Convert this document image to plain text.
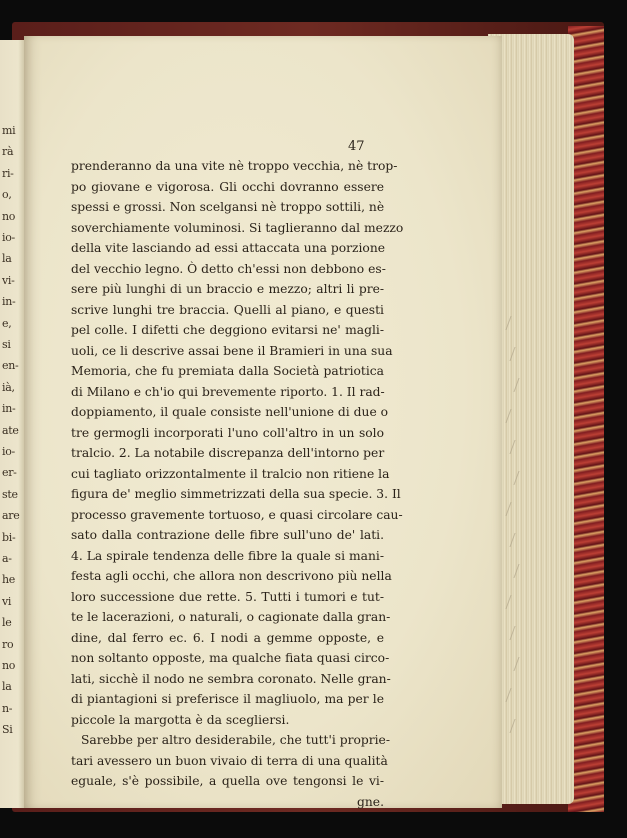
mi
rà
ri-
o,
no
io-
la
vi-
in-
e,
si
en-
ià,
in-
ate
io-
er-
ste
are
bi-
a-
he
vi
le
ro
no
la
n-
Si
47
prenderanno da una vite nè troppo vecchia, nè trop-
po giovane e vigorosa. Gli occhi dovranno essere
spessi e grossi. Non scelgansi nè troppo sottili, nè
soverchiamente voluminosi. Si taglieranno dal mezzo
della vite lasciando ad essi attaccata una porzione
del vecchio legno. Ò detto ch'essi non debbono es-
sere più lunghi di un braccio e mezzo; altri li pre-
scrive lunghi tre braccia. Quelli al piano, e questi
pel colle. I difetti che deggiono evitarsi ne' magli-
uoli, ce li descrive assai bene il Bramieri in una sua
Memoria, che fu premiata dalla Società patriotica
di Milano e ch'io qui brevemente riporto. 1. Il rad-
doppiamento, il quale consiste nell'unione di due o
tre germogli incorporati l'uno coll'altro in un solo
tralcio. 2. La notabile discrepanza dell'intorno per
cui tagliato orizzontalmente il tralcio non ritiene la
figura de' meglio simmetrizzati della sua specie. 3. Il
processo gravemente tortuoso, e quasi circolare cau-
sato dalla contrazione delle fibre sull'uno de' lati.
4. La spirale tendenza delle fibre la quale si mani-
festa agli occhi, che allora non descrivono più nella
loro successione due rette. 5. Tutti i tumori e tut-
te le lacerazioni, o naturali, o cagionate dalla gran-
dine, dal ferro ec. 6. I nodi a gemme opposte, e
non soltanto opposte, ma qualche fiata quasi circo-
lati, sicchè il nodo ne sembra coronato. Nelle gran-
di piantagioni si preferisce il magliuolo, ma per le
piccole la margotta è da scegliersi.
Sarebbe per altro desiderabile, che tutt'i proprie-
tari avessero un buon vivaio di terra di una qualità
eguale, s'è possibile, a quella ove tengonsi le vi-
gne.
